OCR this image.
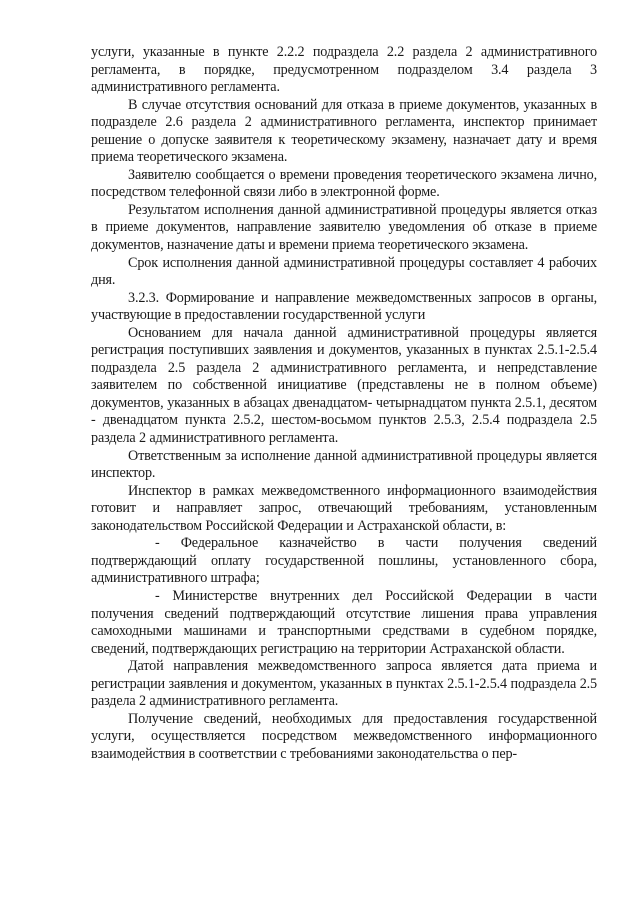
услуги, указанные в пункте 2.2.2 подраздела 2.2 раздела 2 административного регламента, в порядке, предусмотренном подразделом 3.4 раздела 3 административного регламента.

В случае отсутствия оснований для отказа в приеме документов, указанных в подразделе 2.6 раздела 2 административного регламента, инспектор принимает решение о допуске заявителя к теоретическому экзамену, назначает дату и время приема теоретического экзамена.

Заявителю сообщается о времени проведения теоретического экзамена лично, посредством телефонной связи либо в электронной форме.

Результатом исполнения данной административной процедуры является отказ в приеме документов, направление заявителю уведомления об отказе в приеме документов, назначение даты и времени приема теоретического экзамена.

Срок исполнения данной административной процедуры составляет 4 рабочих дня.

3.2.3. Формирование и направление межведомственных запросов в органы, участвующие в предоставлении государственной услуги

Основанием для начала данной административной процедуры является регистрация поступивших заявления и документов, указанных в пунктах 2.5.1-2.5.4 подраздела 2.5 раздела 2 административного регламента, и непредставление заявителем по собственной инициативе (представлены не в полном объеме) документов, указанных в абзацах двенадцатом- четырнадцатом пункта 2.5.1, десятом - двенадцатом пункта 2.5.2, шестом-восьмом пунктов 2.5.3, 2.5.4 подраздела 2.5 раздела 2 административного регламента.

Ответственным за исполнение данной административной процедуры является инспектор.

Инспектор в рамках межведомственного информационного взаимодействия готовит и направляет запрос, отвечающий требованиям, установленным законодательством Российской Федерации и Астраханской области, в:

- Федеральное казначейство в части получения сведений подтверждающий оплату государственной пошлины, установленного сбора, административного штрафа;

- Министерстве внутренних дел Российской Федерации в части получения сведений подтверждающий отсутствие лишения права управления самоходными машинами и транспортными средствами в судебном порядке, сведений, подтверждающих регистрацию на территории Астраханской области.

Датой направления межведомственного запроса является дата приема и регистрации заявления и документом, указанных в пунктах 2.5.1-2.5.4 подраздела 2.5 раздела 2 административного регламента.

Получение сведений, необходимых для предоставления государственной услуги, осуществляется посредством межведомственного информационного взаимодействия в соответствии с требованиями законодательства о пер-
